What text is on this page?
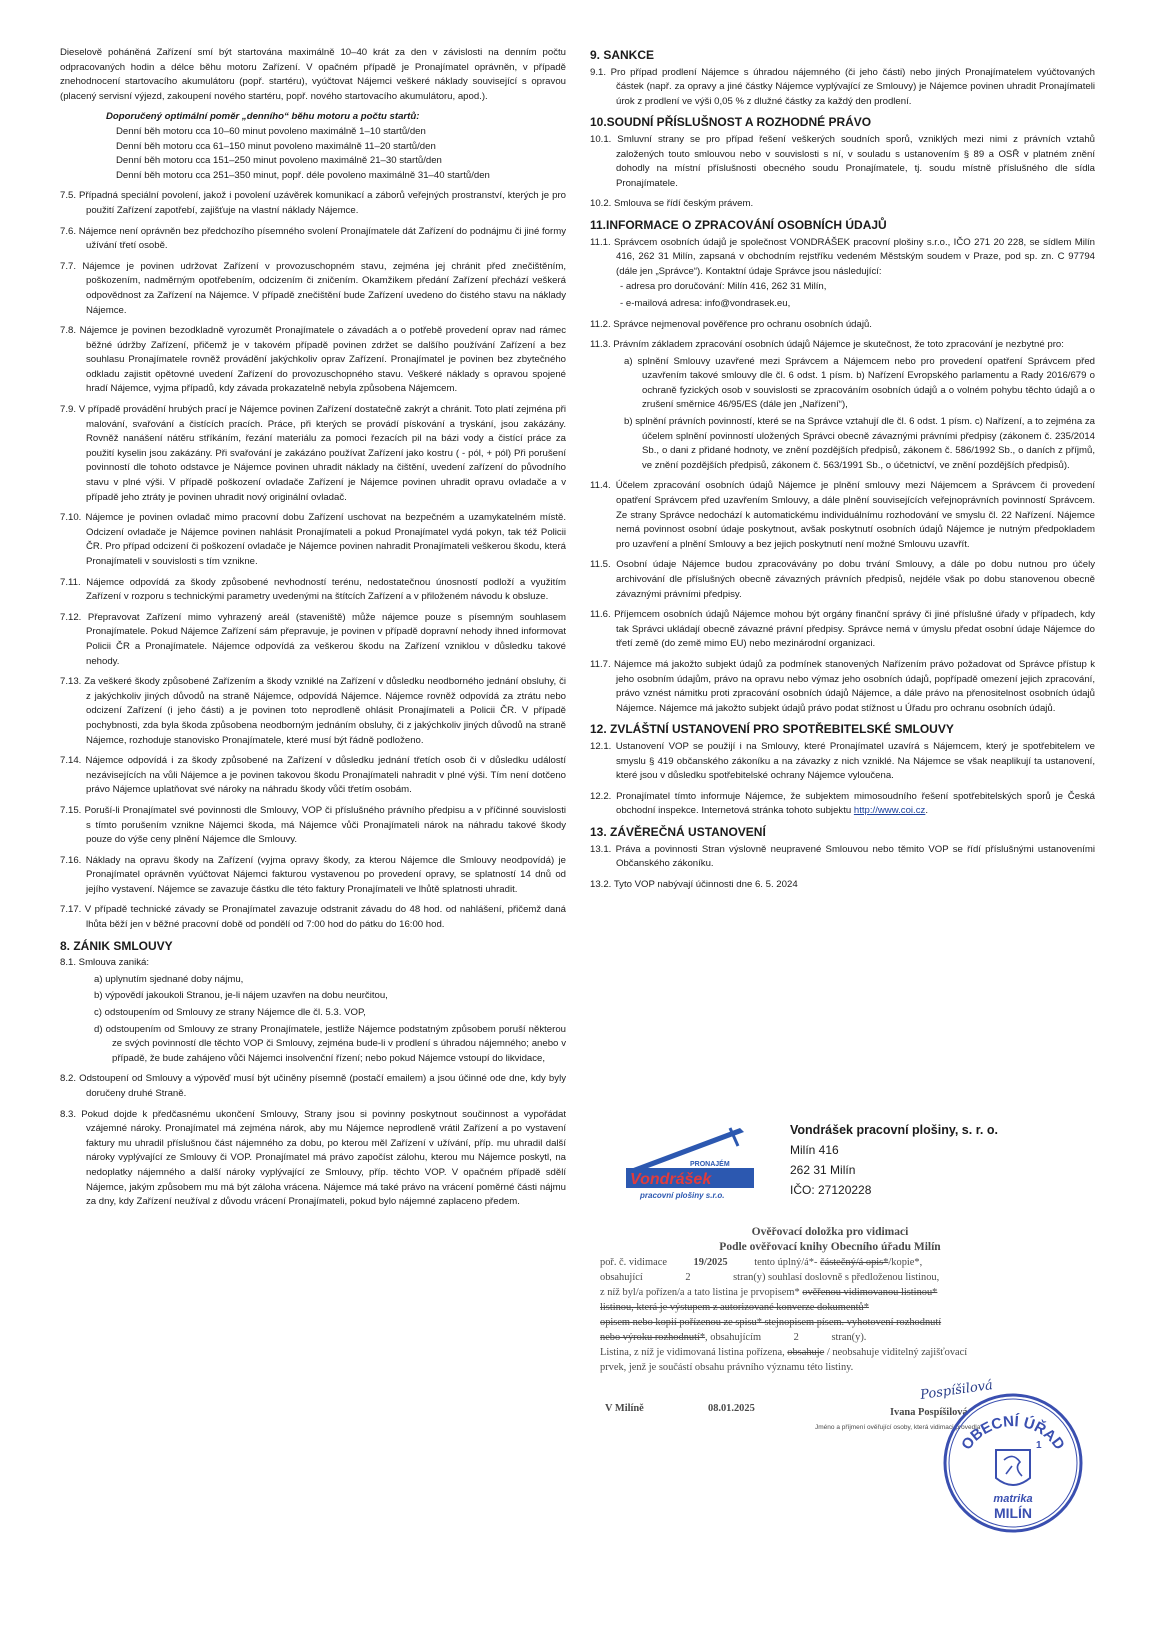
Dieselově poháněná Zařízení smí být startována maximálně 10–40 krát za den v závislosti na denním počtu odpracovaných hodin a délce běhu motoru Zařízení. V opačném případě je Pronajímatel oprávněn, v případě znehodnocení startovacího akumulátoru (popř. startéru), vyúčtovat Nájemci veškeré náklady související s opravou (placený servisní výjezd, zakoupení nového startéru, popř. nového startovacího akumulátoru, apod.).

Doporučený optimální poměr „denního“ běhu motoru a počtu startů:
Denní běh motoru cca 10–60 minut povoleno maximálně 1–10 startů/den
Denní běh motoru cca 61–150 minut povoleno maximálně 11–20 startů/den
Denní běh motoru cca 151–250 minut povoleno maximálně 21–30 startů/den
Denní běh motoru cca 251–350 minut, popř. déle povoleno maximálně 31–40 startů/den

7.5. Případná speciální povolení, jakož i povolení uzávěrek komunikací a záborů veřejných prostranství, kterých je pro použití Zařízení zapotřebí, zajišťuje na vlastní náklady Nájemce.

7.6. Nájemce není oprávněn bez předchozího písemného svolení Pronajímatele dát Zařízení do podnájmu či jiné formy užívání třetí osobě.

7.7. Nájemce je povinen udržovat Zařízení v provozuschopném stavu, zejména jej chránit před znečištěním, poškozením, nadměrným opotřebením, odcizením či zničením. Okamžikem předání Zařízení přechází veškerá odpovědnost za Zařízení na Nájemce. V případě znečištění bude Zařízení uvedeno do čistého stavu na náklady Nájemce.

7.8. Nájemce je povinen bezodkladně vyrozumět Pronajímatele o závadách a o potřebě provedení oprav nad rámec běžné údržby Zařízení, přičemž je v takovém případě povinen zdržet se dalšího používání Zařízení a bez souhlasu Pronajímatele rovněž provádění jakýchkoliv oprav Zařízení. Pronajímatel je povinen bez zbytečného odkladu zajistit opětovné uvedení Zařízení do provozuschopného stavu. Veškeré náklady s opravou spojené hradí Nájemce, vyjma případů, kdy závada prokazatelně nebyla způsobena Nájemcem.

7.9. V případě provádění hrubých prací je Nájemce povinen Zařízení dostatečně zakrýt a chránit. Toto platí zejména při malování, svařování a čistících pracích. Práce, při kterých se provádí pískování a tryskání, jsou zakázány. Rovněž nanášení nátěru stříkáním, řezání materiálu za pomoci řezacích pil na bázi vody a čistící práce za použití kyselin jsou zakázány. Při svařování je zakázáno používat Zařízení jako kostru ( - pól, + pól) Při porušení povinností dle tohoto odstavce je Nájemce povinen uhradit náklady na čištění, uvedení zařízení do původního stavu v plné výši. V případě poškození ovladače Zařízení je Nájemce povinen uhradit opravu ovladače a v případě jeho ztráty je povinen uhradit nový originální ovladač.

7.10. Nájemce je povinen ovladač mimo pracovní dobu Zařízení uschovat na bezpečném a uzamykatelném místě. Odcizení ovladače je Nájemce povinen nahlásit Pronajímateli a pokud Pronajímatel vydá pokyn, tak též Policii ČR. Pro případ odcizení či poškození ovladače je Nájemce povinen nahradit Pronajímateli veškerou škodu, která Pronajímateli v souvislosti s tím vznikne.

7.11. Nájemce odpovídá za škody způsobené nevhodností terénu, nedostatečnou únosností podloží a využitím Zařízení v rozporu s technickými parametry uvedenými na štítcích Zařízení a v přiloženém návodu k obsluze.

7.12. Přepravovat Zařízení mimo vyhrazený areál (staveniště) může nájemce pouze s písemným souhlasem Pronajímatele. Pokud Nájemce Zařízení sám přepravuje, je povinen v případě dopravní nehody ihned informovat Policii ČR a Pronajímatele. Nájemce odpovídá za veškerou škodu na Zařízení vzniklou v důsledku takové nehody.

7.13. Za veškeré škody způsobené Zařízením a škody vzniklé na Zařízení v důsledku neodborného jednání obsluhy, či z jakýchkoliv jiných důvodů na straně Nájemce, odpovídá Nájemce. Nájemce rovněž odpovídá za ztrátu nebo odcizení Zařízení (i jeho části) a je povinen toto neprodleně ohlásit Pronajímateli a Policii ČR. V případě pochybnosti, zda byla škoda způsobena neodborným jednáním obsluhy, či z jakýchkoliv jiných důvodů na straně Nájemce, rozhoduje stanovisko Pronajímatele, které musí být řádně podloženo.

7.14. Nájemce odpovídá i za škody způsobené na Zařízení v důsledku jednání třetích osob či v důsledku událostí nezávisejících na vůli Nájemce a je povinen takovou škodu Pronajímateli nahradit v plné výši. Tím není dotčeno právo Nájemce uplatňovat své nároky na náhradu škody vůči třetím osobám.

7.15. Poruší-li Pronajímatel své povinnosti dle Smlouvy, VOP či příslušného právního předpisu a v příčinné souvislosti s tímto porušením vznikne Nájemci škoda, má Nájemce vůči Pronajímateli nárok na náhradu takové škody pouze do výše ceny plnění Nájemce dle Smlouvy.

7.16. Náklady na opravu škody na Zařízení (vyjma opravy škody, za kterou Nájemce dle Smlouvy neodpovídá) je Pronajímatel oprávněn vyúčtovat Nájemci fakturou vystavenou po provedení opravy, se splatností 14 dnů od jejího vystavení. Nájemce se zavazuje částku dle této faktury Pronajímateli ve lhůtě splatnosti uhradit.

7.17. V případě technické závady se Pronajímatel zavazuje odstranit závadu do 48 hod. od nahlášení, přičemž daná lhůta běží jen v běžné pracovní době od pondělí od 7:00 hod do pátku do 16:00 hod.

8. ZÁNIK SMLOUVY

8.1. Smlouva zaniká:

a) uplynutím sjednané doby nájmu,

b) výpovědí jakoukoli Stranou, je-li nájem uzavřen na dobu neurčitou,

c) odstoupením od Smlouvy ze strany Nájemce dle čl. 5.3. VOP,

d) odstoupením od Smlouvy ze strany Pronajímatele, jestliže Nájemce podstatným způsobem poruší některou ze svých povinností dle těchto VOP či Smlouvy, zejména bude-li v prodlení s úhradou nájemného; anebo v případě, že bude zahájeno vůči Nájemci insolvenční řízení; nebo pokud Nájemce vstoupí do likvidace,

8.2. Odstoupení od Smlouvy a výpověď musí být učiněny písemně (postačí emailem) a jsou účinné ode dne, kdy byly doručeny druhé Straně.

8.3. Pokud dojde k předčasnému ukončení Smlouvy, Strany jsou si povinny poskytnout součinnost a vypořádat vzájemné nároky. Pronajímatel má zejména nárok, aby mu Nájemce neprodleně vrátil Zařízení a po vystavení faktury mu uhradil příslušnou část nájemného za dobu, po kterou měl Zařízení v užívání, příp. mu uhradil další nároky vyplývající ze Smlouvy či VOP. Pronajímatel má právo započíst zálohu, kterou mu Nájemce poskytl, na nedoplatky nájemného a další nároky vyplývající ze Smlouvy, příp. těchto VOP. V opačném případě sdělí Nájemce, jakým způsobem mu má být záloha vrácena. Nájemce má také právo na vrácení poměrné části nájmu za dny, kdy Zařízení neužíval z důvodu vrácení Pronajímateli, pokud bylo nájemné zaplaceno předem.

9. SANKCE

9.1. Pro případ prodlení Nájemce s úhradou nájemného (či jeho části) nebo jiných Pronajímatelem vyúčtovaných částek (např. za opravy a jiné částky Nájemce vyplývající ze Smlouvy) je Nájemce povinen uhradit Pronajímateli úrok z prodlení ve výši 0,05 % z dlužné částky za každý den prodlení.

10.SOUDNÍ PŘÍSLUŠNOST A ROZHODNÉ PRÁVO

10.1. Smluvní strany se pro případ řešení veškerých soudních sporů, vzniklých mezi nimi z právních vztahů založených touto smlouvou nebo v souvislosti s ní, v souladu s ustanovením § 89 a OSŘ v platném znění dohodly na místní příslušnosti obecného soudu Pronajímatele, tj. soudu místně příslušného dle sídla Pronajímatele.

10.2. Smlouva se řídí českým právem.

11.INFORMACE O ZPRACOVÁNÍ OSOBNÍCH ÚDAJŮ

11.1. Správcem osobních údajů je společnost VONDRÁŠEK pracovní plošiny s.r.o., IČO 271 20 228, se sídlem Milín 416, 262 31 Milín, zapsaná v obchodním rejstříku vedeném Městským soudem v Praze, pod sp. zn. C 97794 (dále jen „Správce“). Kontaktní údaje Správce jsou následující:

- adresa pro doručování: Milín 416, 262 31 Milín,

- e-mailová adresa: info@vondrasek.eu,

11.2. Správce nejmenoval pověřence pro ochranu osobních údajů.

11.3. Právním základem zpracování osobních údajů Nájemce je skutečnost, že toto zpracování je nezbytné pro:

a) splnění Smlouvy uzavřené mezi Správcem a Nájemcem nebo pro provedení opatření Správcem před uzavřením takové smlouvy dle čl. 6 odst. 1 písm. b) Nařízení Evropského parlamentu a Rady 2016/679 o ochraně fyzických osob v souvislosti se zpracováním osobních údajů a o volném pohybu těchto údajů a o zrušení směrnice 46/95/ES (dále jen „Nařízení“),

b) splnění právních povinností, které se na Správce vztahují dle čl. 6 odst. 1 písm. c) Nařízení, a to zejména za účelem splnění povinností uložených Správci obecně závaznými právními předpisy (zákonem č. 235/2014 Sb., o dani z přidané hodnoty, ve znění pozdějších předpisů, zákonem č. 586/1992 Sb., o daních z příjmů, ve znění pozdějších předpisů, zákonem č. 563/1991 Sb., o účetnictví, ve znění pozdějších předpisů).

11.4. Účelem zpracování osobních údajů Nájemce je plnění smlouvy mezi Nájemcem a Správcem či provedení opatření Správcem před uzavřením Smlouvy, a dále plnění souvisejících veřejnoprávních povinností Správcem. Ze strany Správce nedochází k automatickému individuálnímu rozhodování ve smyslu čl. 22 Nařízení. Nájemce nemá povinnost osobní údaje poskytnout, avšak poskytnutí osobních údajů Nájemce je nutným předpokladem pro uzavření a plnění Smlouvy a bez jejich poskytnutí není možné Smlouvu uzavřít.

11.5. Osobní údaje Nájemce budou zpracovávány po dobu trvání Smlouvy, a dále po dobu nutnou pro účely archivování dle příslušných obecně závazných právních předpisů, nejdéle však po dobu stanovenou obecně závaznými právními předpisy.

11.6. Příjemcem osobních údajů Nájemce mohou být orgány finanční správy či jiné příslušné úřady v případech, kdy tak Správci ukládají obecně závazné právní předpisy. Správce nemá v úmyslu předat osobní údaje Nájemce do třetí země (do země mimo EU) nebo mezinárodní organizaci.

11.7. Nájemce má jakožto subjekt údajů za podmínek stanovených Nařízením právo požadovat od Správce přístup k jeho osobním údajům, právo na opravu nebo výmaz jeho osobních údajů, popřípadě omezení jejich zpracování, právo vznést námitku proti zpracování osobních údajů Nájemce, a dále právo na přenositelnost osobních údajů Nájemce. Nájemce má jakožto subjekt údajů právo podat stížnost u Úřadu pro ochranu osobních údajů.

12. ZVLÁŠTNÍ USTANOVENÍ PRO SPOTŘEBITELSKÉ SMLOUVY

12.1. Ustanovení VOP se použijí i na Smlouvy, které Pronajímatel uzavírá s Nájemcem, který je spotřebitelem ve smyslu § 419 občanského zákoníku a na závazky z nich vzniklé. Na Nájemce se však neaplikují ta ustanovení, které jsou v důsledku spotřebitelské ochrany Nájemce vyloučena.

12.2. Pronajímatel tímto informuje Nájemce, že subjektem mimosoudního řešení spotřebitelských sporů je Česká obchodní inspekce. Internetová stránka tohoto subjektu http://www.coi.cz.

13. ZÁVĚREČNÁ USTANOVENÍ

13.1. Práva a povinnosti Stran výslovně neupravené Smlouvou nebo těmito VOP se řídí příslušnými ustanoveními Občanského zákoníku.

13.2. Tyto VOP nabývají účinnosti dne 6. 5. 2024

PRONAJÉM
Vondrášek
pracovní plošiny s.r.o.
Vondrášek pracovní plošiny, s. r. o.
Milín 416
262 31 Milín
IČO: 27120228
Ověřovací doložka pro vidimaci
Podle ověřovací knihy Obecního úřadu Milín
poř. č. vidimace	19/2025	tento úplný/á*- částečný/á opis*/kopie*,
obsahující	2	stran(y) souhlasí doslovně s předloženou listinou,
z níž byl/a pořízen/a a tato listina je prvopisem* ověřenou vidimovanou listinou*
listinou, která je výstupem z autorizované konverze dokumentů*
opisem nebo kopií pořízenou ze spisu* stejnopisem písem. vyhotovení rozhodnutí
nebo výroku rozhodnutí*, obsahujícím	2	stran(y).
Listina, z níž je vidimovaná listina pořízena, obsahuje / neobsahuje viditelný zajišťovací
prvek, jenž je součástí obsahu právního významu této listiny.
V Milíně	08.01.2025
Pospíšilová
Ivana Pospíšilová
Jméno a příjmení ověřující osoby, která vidimaci provedla
OBECNÍ ÚŘAD
1
matrika
MILÍN
